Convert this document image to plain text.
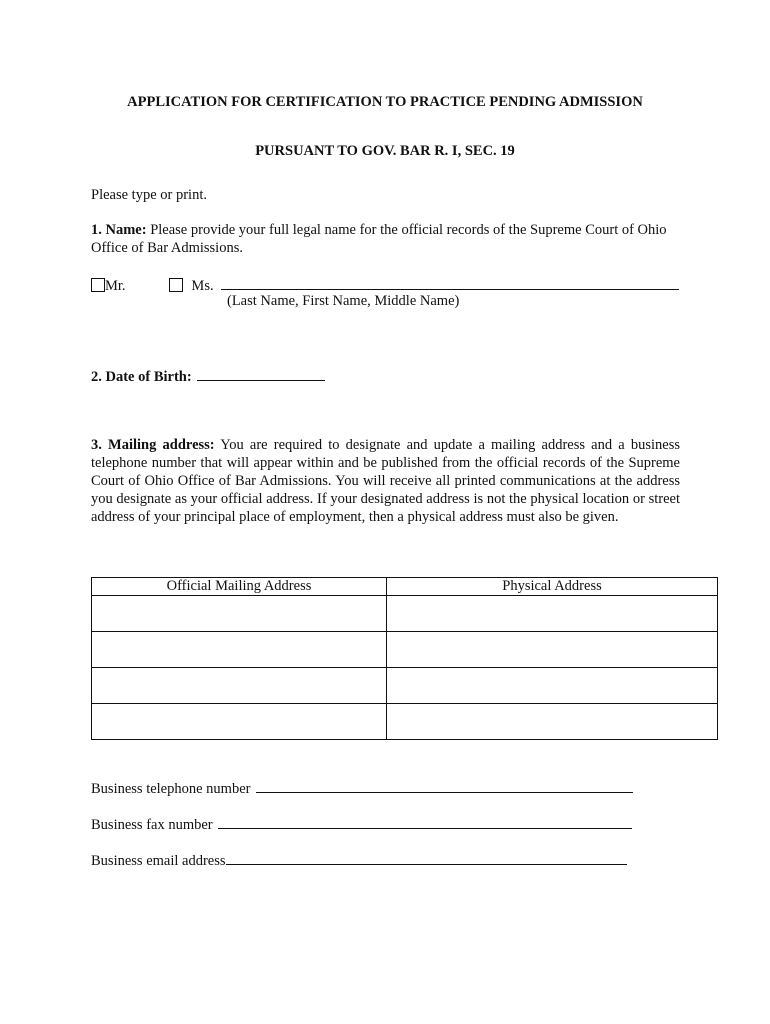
APPLICATION FOR CERTIFICATION TO PRACTICE PENDING ADMISSION
PURSUANT TO GOV. BAR R. I, SEC. 19
Please type or print.
1. Name: Please provide your full legal name for the official records of the Supreme Court of Ohio Office of Bar Admissions.
Mr.	Ms.
(Last Name, First Name, Middle Name)
2. Date of Birth:
3. Mailing address: You are required to designate and update a mailing address and a business telephone number that will appear within and be published from the official records of the Supreme Court of Ohio Office of Bar Admissions. You will receive all printed communications at the address you designate as your official address. If your designated address is not the physical location or street address of your principal place of employment, then a physical address must also be given.
Official Mailing Address	Physical Address

Business telephone number
Business fax number
Business email address
